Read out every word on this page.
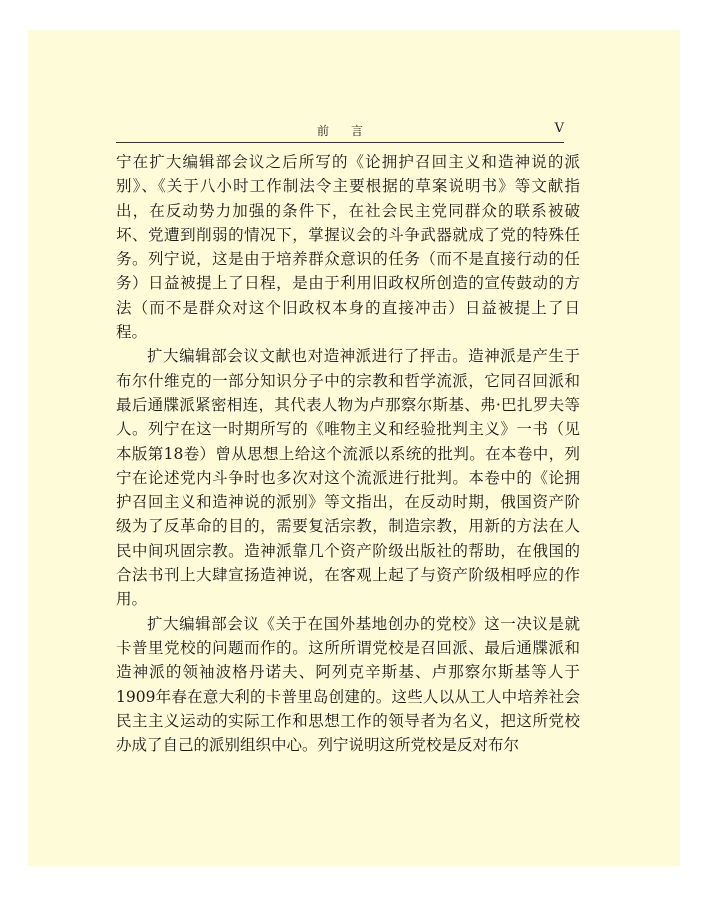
前言	V

宁在扩大编辑部会议之后所写的《论拥护召回主义和造神说的派别》、《关于八小时工作制法令主要根据的草案说明书》等文献指出，在反动势力加强的条件下，在社会民主党同群众的联系被破坏、党遭到削弱的情况下，掌握议会的斗争武器就成了党的特殊任务。列宁说，这是由于培养群众意识的任务（而不是直接行动的任务）日益被提上了日程，是由于利用旧政权所创造的宣传鼓动的方法（而不是群众对这个旧政权本身的直接冲击）日益被提上了日程。

扩大编辑部会议文献也对造神派进行了抨击。造神派是产生于布尔什维克的一部分知识分子中的宗教和哲学流派，它同召回派和最后通牒派紧密相连，其代表人物为卢那察尔斯基、弗·巴扎罗夫等人。列宁在这一时期所写的《唯物主义和经验批判主义》一书（见本版第18卷）曾从思想上给这个流派以系统的批判。在本卷中，列宁在论述党内斗争时也多次对这个流派进行批判。本卷中的《论拥护召回主义和造神说的派别》等文指出，在反动时期，俄国资产阶级为了反革命的目的，需要复活宗教，制造宗教，用新的方法在人民中间巩固宗教。造神派靠几个资产阶级出版社的帮助，在俄国的合法书刊上大肆宣扬造神说，在客观上起了与资产阶级相呼应的作用。

扩大编辑部会议《关于在国外基地创办的党校》这一决议是就卡普里党校的问题而作的。这所所谓党校是召回派、最后通牒派和造神派的领袖波格丹诺夫、阿列克辛斯基、卢那察尔斯基等人于1909年春在意大利的卡普里岛创建的。这些人以从工人中培养社会民主主义运动的实际工作和思想工作的领导者为名义，把这所党校办成了自己的派别组织中心。列宁说明这所党校是反对布尔
